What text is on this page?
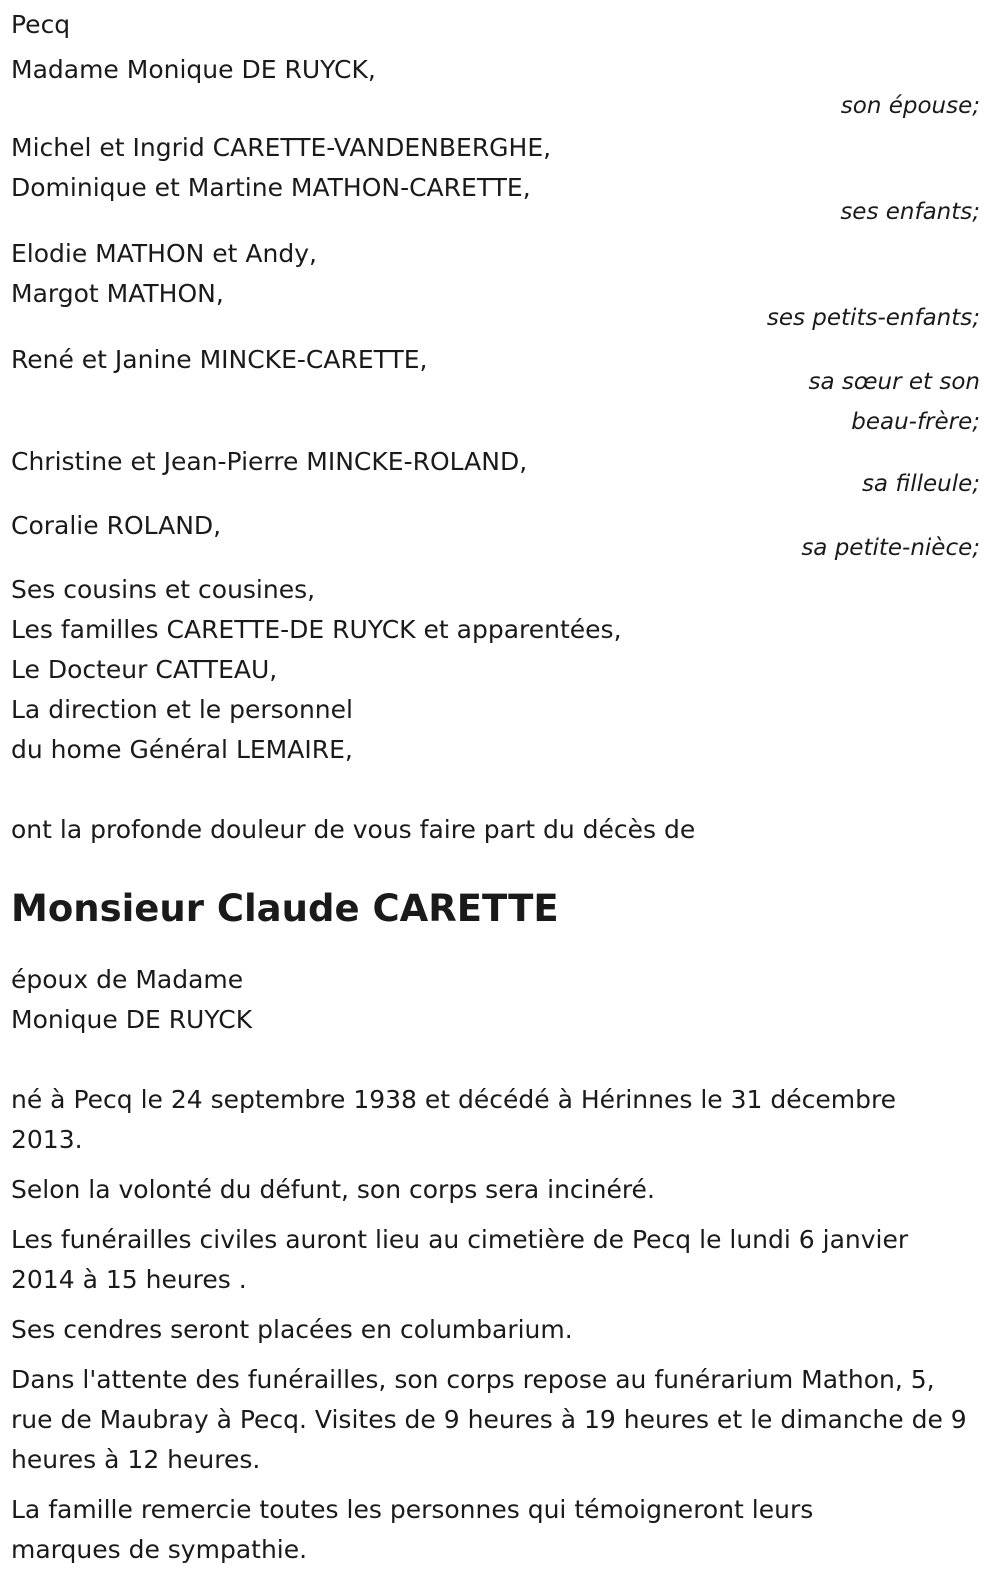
Pecq
Madame Monique DE RUYCK,
son épouse;
Michel et Ingrid CARETTE-VANDENBERGHE,
Dominique et Martine MATHON-CARETTE,
ses enfants;
Elodie MATHON et Andy,
Margot MATHON,
ses petits-enfants;
René et Janine MINCKE-CARETTE,
sa sœur et son
beau-frère;
Christine et Jean-Pierre MINCKE-ROLAND,
sa filleule;
Coralie ROLAND,
sa petite-nièce;
Ses cousins et cousines,
Les familles CARETTE-DE RUYCK et apparentées,
Le Docteur CATTEAU,
La direction et le personnel
du home Général LEMAIRE,
ont la profonde douleur de vous faire part du décès de
Monsieur Claude CARETTE
époux de Madame
Monique DE RUYCK
né à Pecq le 24 septembre 1938 et décédé à Hérinnes le 31 décembre 2013.
Selon la volonté du défunt, son corps sera incinéré.
Les funérailles civiles auront lieu au cimetière de Pecq le lundi 6 janvier 2014 à 15 heures .
Ses cendres seront placées en columbarium.
Dans l'attente des funérailles, son corps repose au funérarium Mathon, 5, rue de Maubray à Pecq. Visites de 9 heures à 19 heures et le dimanche de 9 heures à 12 heures.
La famille remercie toutes les personnes qui témoigneront leurs marques de sympathie.
